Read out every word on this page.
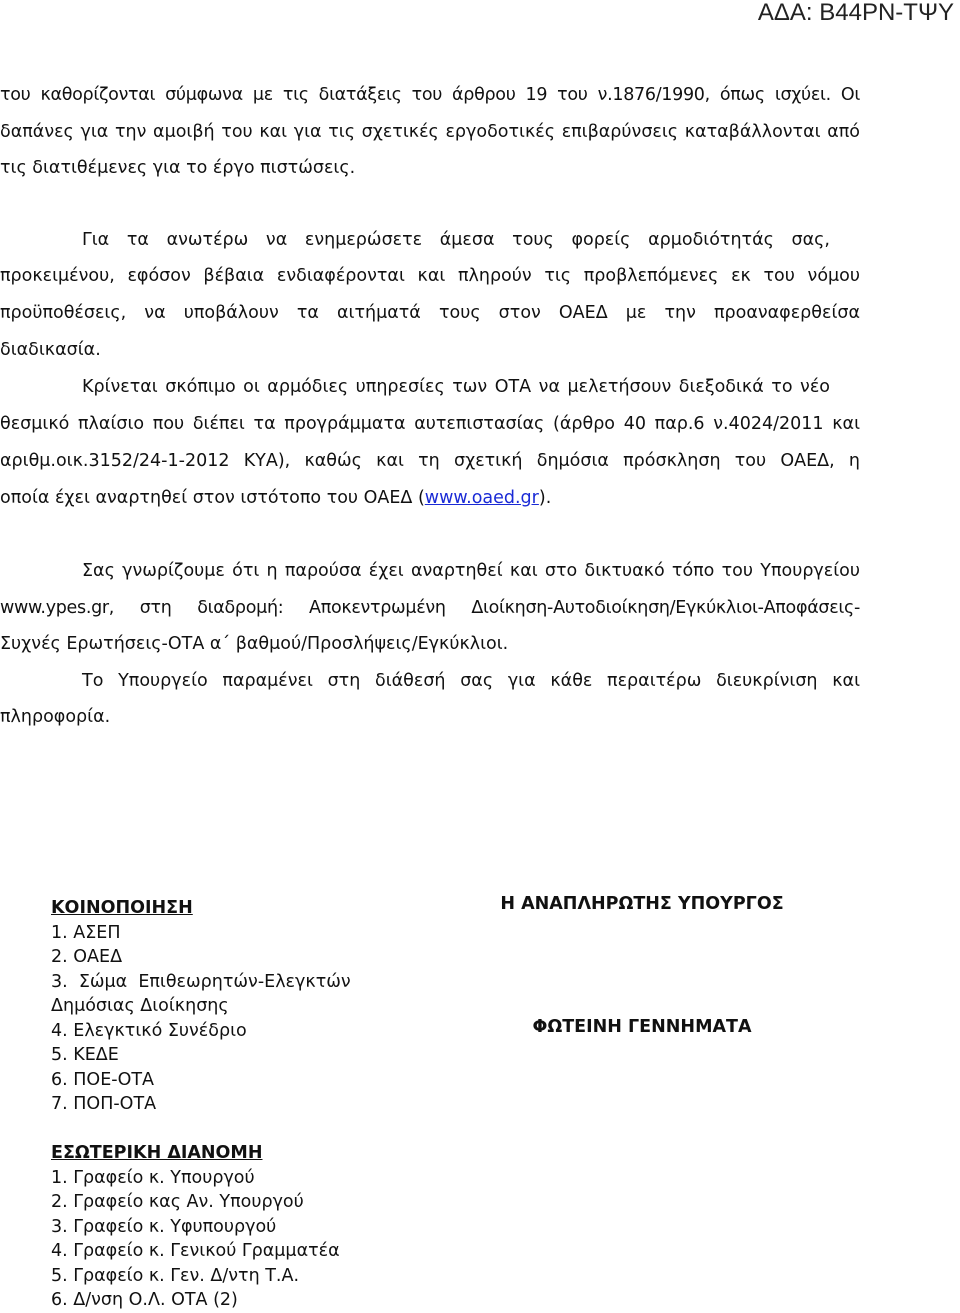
ΑΔΑ: Β44ΡΝ-ΤΨΥ
του καθορίζονται σύμφωνα με τις διατάξεις του άρθρου 19 του ν.1876/1990, όπως ισχύει. Οι
δαπάνες για την αμοιβή του και για τις σχετικές εργοδοτικές επιβαρύνσεις καταβάλλονται από
τις διατιθέμενες για το έργο πιστώσεις.
Για τα ανωτέρω να ενημερώσετε άμεσα τους φορείς αρμοδιότητάς σας,
προκειμένου, εφόσον βέβαια ενδιαφέρονται και πληρούν τις προβλεπόμενες εκ του νόμου
προϋποθέσεις, να υποβάλουν τα αιτήματά τους στον ΟΑΕΔ με την προαναφερθείσα
διαδικασία.
Κρίνεται σκόπιμο οι αρμόδιες υπηρεσίες των ΟΤΑ να μελετήσουν διεξοδικά το νέο
θεσμικό πλαίσιο που διέπει τα προγράμματα αυτεπιστασίας (άρθρο 40 παρ.6 ν.4024/2011 και
αριθμ.οικ.3152/24-1-2012 ΚΥΑ), καθώς και τη σχετική δημόσια πρόσκληση του ΟΑΕΔ, η
οποία έχει αναρτηθεί στον ιστότοπο του ΟΑΕΔ (www.oaed.gr).
Σας γνωρίζουμε ότι η παρούσα έχει αναρτηθεί και στο δικτυακό τόπο του Υπουργείου
www.ypes.gr, στη διαδρομή: Αποκεντρωμένη Διοίκηση-Αυτοδιοίκηση/Εγκύκλιοι-Αποφάσεις-
Συχνές Ερωτήσεις-ΟΤΑ α΄ βαθμού/Προσλήψεις/Εγκύκλιοι.
Το Υπουργείο παραμένει στη διάθεσή σας για κάθε περαιτέρω διευκρίνιση και
πληροφορία.
ΚΟΙΝΟΠΟΙΗΣΗ
1. ΑΣΕΠ
2. ΟΑΕΔ
3.  Σώμα  Επιθεωρητών-Ελεγκτών
Δημόσιας Διοίκησης
4. Ελεγκτικό Συνέδριο
5. ΚΕΔΕ
6. ΠΟΕ-ΟΤΑ
7. ΠΟΠ-ΟΤΑ
Η ΑΝΑΠΛΗΡΩΤΗΣ ΥΠΟΥΡΓΟΣ
ΦΩΤΕΙΝΗ ΓΕΝΝΗΜΑΤΑ
ΕΣΩΤΕΡΙΚΗ ΔΙΑΝΟΜΗ
1. Γραφείο κ. Υπουργού
2. Γραφείο κας Αν. Υπουργού
3. Γραφείο κ. Υφυπουργού
4. Γραφείο κ. Γενικού Γραμματέα
5. Γραφείο κ. Γεν. Δ/ντη Τ.Α.
6. Δ/νση Ο.Λ. ΟΤΑ (2)
